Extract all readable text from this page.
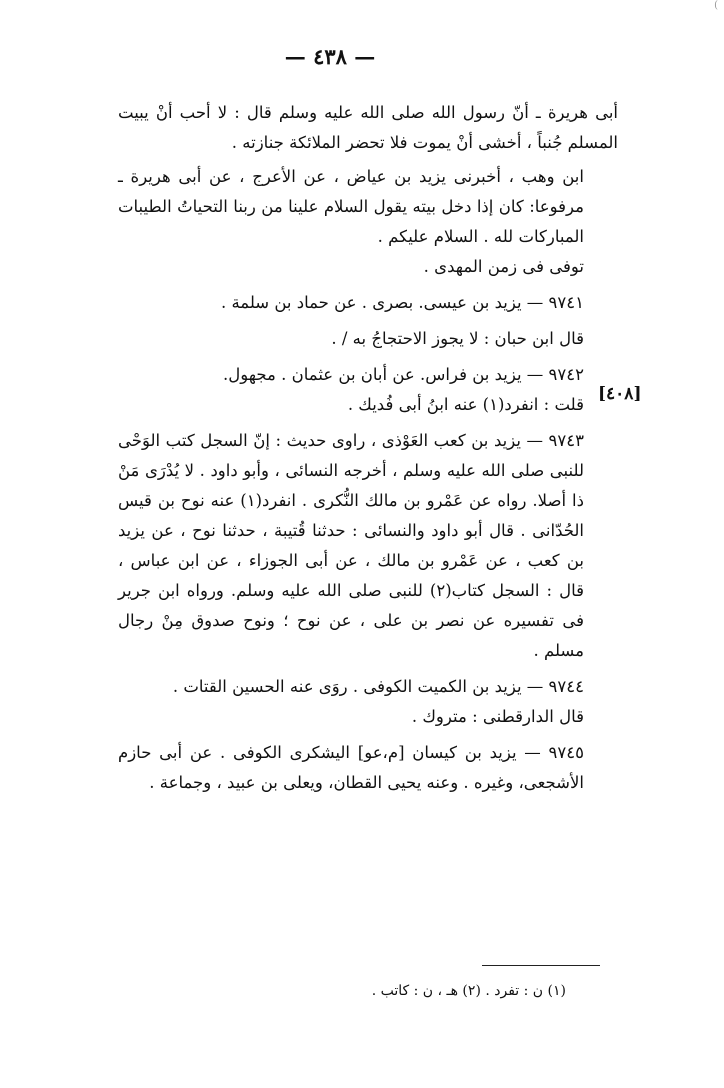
(
— ٤٣٨ —
[٤٠٨]

أبى هريرة ـ أنّ رسول الله صلى الله عليه وسلم قال : لا أحب أنْ يبيت المسلم جُنباً ، أخشى أنْ يموت فلا تحضر الملائكة جنازته .

ابن وهب ، أخبرنى يزيد بن عياض ، عن الأعرج ، عن أبى هريرة ـ مرفوعا: كان إذا دخل بيته يقول السلام علينا من ربنا التحياتُ الطيبات المباركات لله . السلام عليكم .

توفى فى زمن المهدى .

٩٧٤١ — يزيد بن عيسى. بصرى . عن حماد بن سلمة .

قال ابن حبان : لا يجوز الاحتجاجُ به / .

٩٧٤٢ — يزيد بن فراس. عن أبان بن عثمان . مجهول.

قلت : انفرد(١) عنه ابنُ أبى فُديك .

٩٧٤٣ — يزيد بن كعب العَوْذى ، راوى حديث : إنّ السجل كتب الوَحْى للنبى صلى الله عليه وسلم ، أخرجه النسائى ، وأبو داود . لا يُدْرَى مَنْ ذا أصلا. رواه عن عَمْرو بن مالك النُّكرى . انفرد(١) عنه نوح بن قيس الحُدّانى . قال أبو داود والنسائى : حدثنا قُتيبة ، حدثنا نوح ، عن يزيد بن كعب ، عن عَمْرو بن مالك ، عن أبى الجوزاء ، عن ابن عباس ، قال : السجل كتاب(٢) للنبى صلى الله عليه وسلم. ورواه ابن جرير فى تفسيره عن نصر بن على ، عن نوح ؛ ونوح صدوق مِنْ رجال مسلم .

٩٧٤٤ — يزيد بن الكميت الكوفى . روَى عنه الحسين القتات .

قال الدارقطنى : متروك .

٩٧٤٥ — يزيد بن كيسان [م،عو] اليشكرى الكوفى . عن أبى حازم الأشجعى، وغيره . وعنه يحيى القطان، ويعلى بن عبيد ، وجماعة .

(١) ن : تفرد . (٢) هـ ، ن : كاتب .
